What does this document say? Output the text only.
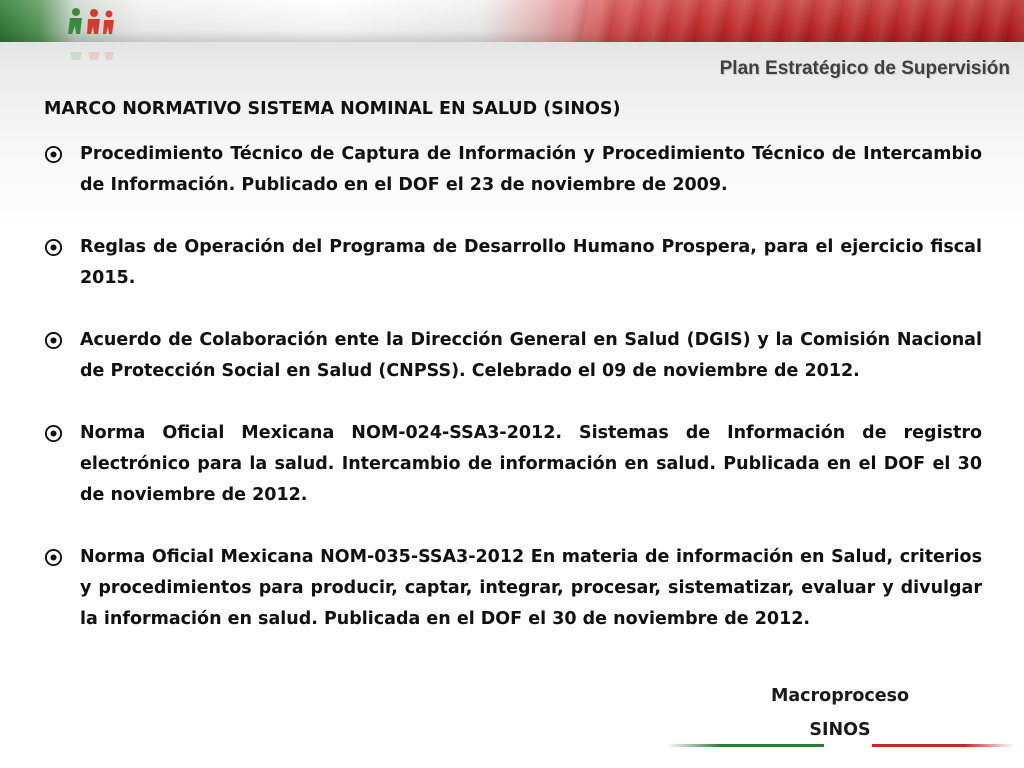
Plan Estratégico de Supervisión
MARCO NORMATIVO SISTEMA NOMINAL EN SALUD (SINOS)
Procedimiento Técnico de Captura de Información y Procedimiento Técnico de Intercambio de Información. Publicado en el DOF el 23 de noviembre de 2009.
Reglas de Operación del Programa de Desarrollo Humano Prospera, para el ejercicio fiscal 2015.
Acuerdo de Colaboración ente la Dirección General en Salud (DGIS) y la Comisión Nacional de Protección Social en Salud (CNPSS). Celebrado el 09 de noviembre de 2012.
Norma Oficial Mexicana NOM-024-SSA3-2012. Sistemas de Información de registro electrónico para la salud. Intercambio de información en salud. Publicada en el DOF el 30 de noviembre de 2012.
Norma Oficial Mexicana NOM-035-SSA3-2012 En materia de información en Salud, criterios y procedimientos para producir, captar, integrar, procesar, sistematizar, evaluar y divulgar la información en salud. Publicada en el DOF el 30 de noviembre de 2012.
Macroproceso
SINOS
